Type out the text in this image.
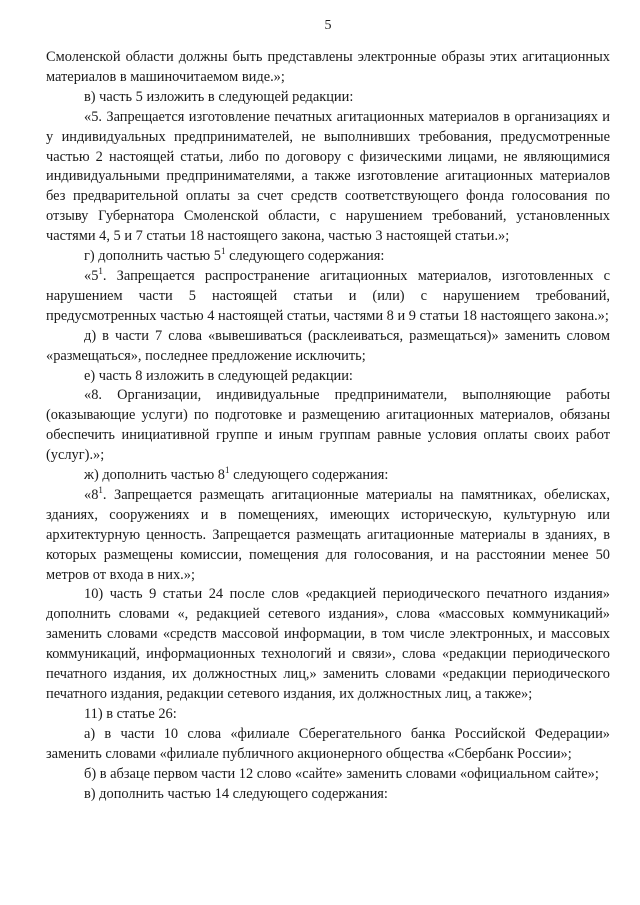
5

Смоленской области должны быть представлены электронные образы этих агитационных материалов в машиночитаемом виде.»;

в) часть 5 изложить в следующей редакции:

«5. Запрещается изготовление печатных агитационных материалов в организациях и у индивидуальных предпринимателей, не выполнивших требования, предусмотренные частью 2 настоящей статьи, либо по договору с физическими лицами, не являющимися индивидуальными предпринимателями, а также изготовление агитационных материалов без предварительной оплаты за счет средств соответствующего фонда голосования по отзыву Губернатора Смоленской области, с нарушением требований, установленных частями 4, 5 и 7 статьи 18 настоящего закона, частью 3 настоящей статьи.»;

г) дополнить частью $5^1$ следующего содержания:

«$5^1$. Запрещается распространение агитационных материалов, изготовленных с нарушением части 5 настоящей статьи и (или) с нарушением требований, предусмотренных частью 4 настоящей статьи, частями 8 и 9 статьи 18 настоящего закона.»;

д) в части 7 слова «вывешиваться (расклеиваться, размещаться)» заменить словом «размещаться», последнее предложение исключить;

е) часть 8 изложить в следующей редакции:

«8. Организации, индивидуальные предприниматели, выполняющие работы (оказывающие услуги) по подготовке и размещению агитационных материалов, обязаны обеспечить инициативной группе и иным группам равные условия оплаты своих работ (услуг).»;

ж) дополнить частью $8^1$ следующего содержания:

«$8^1$. Запрещается размещать агитационные материалы на памятниках, обелисках, зданиях, сооружениях и в помещениях, имеющих историческую, культурную или архитектурную ценность. Запрещается размещать агитационные материалы в зданиях, в которых размещены комиссии, помещения для голосования, и на расстоянии менее 50 метров от входа в них.»;

10) часть 9 статьи 24 после слов «редакцией периодического печатного издания» дополнить словами «, редакцией сетевого издания», слова «массовых коммуникаций» заменить словами «средств массовой информации, в том числе электронных, и массовых коммуникаций, информационных технологий и связи», слова «редакции периодического печатного издания, их должностных лиц,» заменить словами «редакции периодического печатного издания, редакции сетевого издания, их должностных лиц, а также»;

11) в статье 26:

а) в части 10 слова «филиале Сберегательного банка Российской Федерации» заменить словами «филиале публичного акционерного общества «Сбербанк России»;

б) в абзаце первом части 12 слово «сайте» заменить словами «официальном сайте»;

в) дополнить частью 14 следующего содержания:
